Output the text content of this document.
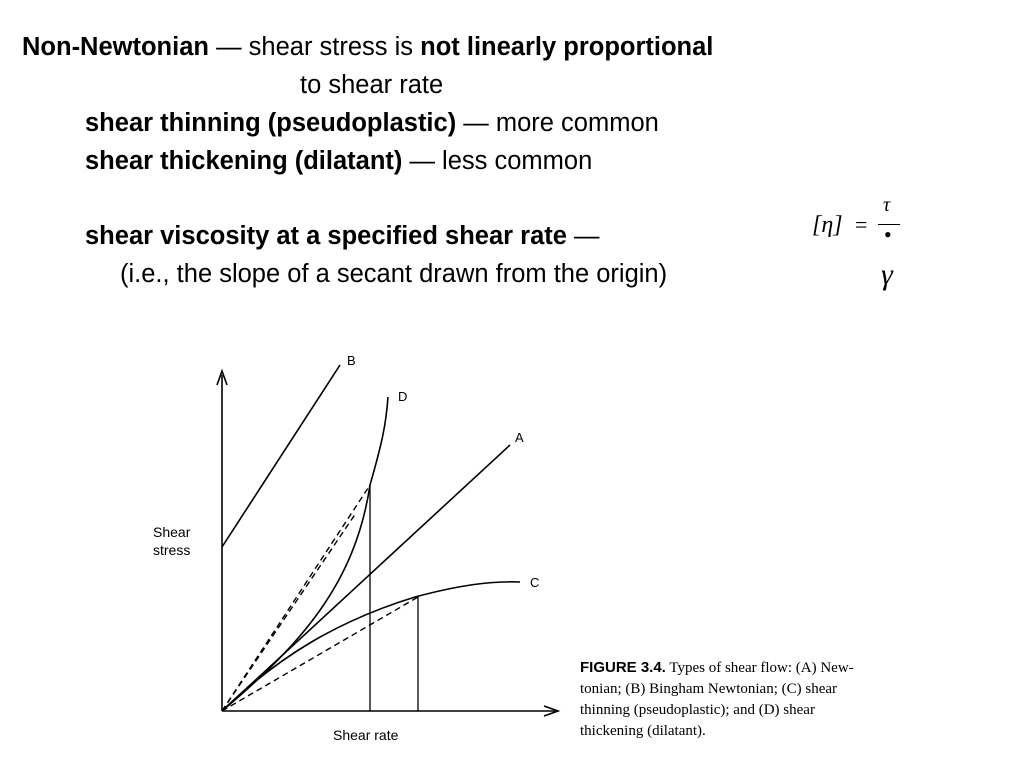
Non-Newtonian — shear stress is not linearly proportional
to shear rate
shear thinning (pseudoplastic) — more common
shear thickening (dilatant) — less common
shear viscosity at a specified shear rate —
(i.e., the slope of a secant drawn from the origin)
[η] =
τ
•
γ
B
D
A
C
Shear
stress
Shear rate
FIGURE 3.4. Types of shear flow: (A) New-
tonian; (B) Bingham Newtonian; (C) shear
thinning (pseudoplastic); and (D) shear
thickening (dilatant).
